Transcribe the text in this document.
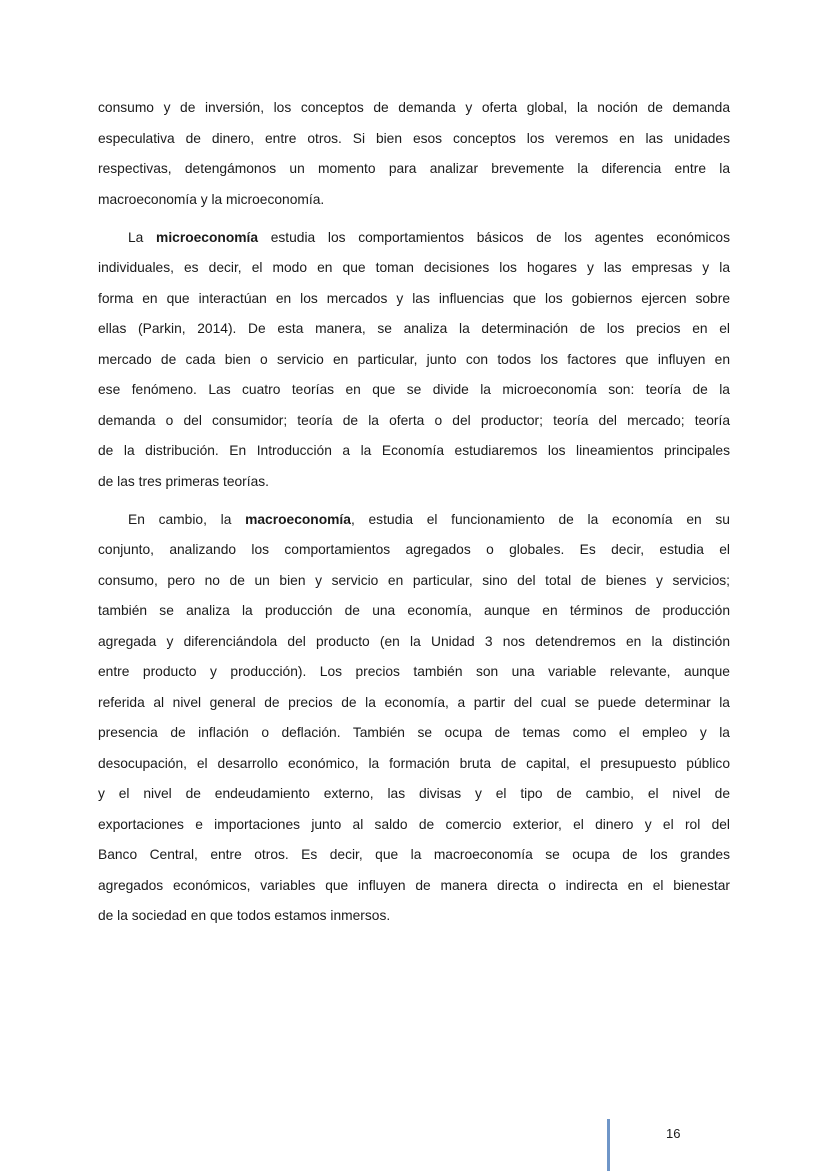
consumo y de inversión, los conceptos de demanda y oferta global, la noción de demanda
especulativa de dinero, entre otros. Si bien esos conceptos los veremos en las unidades
respectivas, detengámonos un momento para analizar brevemente la diferencia entre la
macroeconomía y la microeconomía.
La microeconomía estudia los comportamientos básicos de los agentes económicos
individuales, es decir, el modo en que toman decisiones los hogares y las empresas y la
forma en que interactúan en los mercados y las influencias que los gobiernos ejercen sobre
ellas (Parkin, 2014). De esta manera, se analiza la determinación de los precios en el
mercado de cada bien o servicio en particular, junto con todos los factores que influyen en
ese fenómeno. Las cuatro teorías en que se divide la microeconomía son: teoría de la
demanda o del consumidor; teoría de la oferta o del productor; teoría del mercado; teoría
de la distribución. En Introducción a la Economía estudiaremos los lineamientos principales
de las tres primeras teorías.
En cambio, la macroeconomía, estudia el funcionamiento de la economía en su
conjunto, analizando los comportamientos agregados o globales. Es decir, estudia el
consumo, pero no de un bien y servicio en particular, sino del total de bienes y servicios;
también se analiza la producción de una economía, aunque en términos de producción
agregada y diferenciándola del producto (en la Unidad 3 nos detendremos en la distinción
entre producto y producción). Los precios también son una variable relevante, aunque
referida al nivel general de precios de la economía, a partir del cual se puede determinar la
presencia de inflación o deflación. También se ocupa de temas como el empleo y la
desocupación, el desarrollo económico, la formación bruta de capital, el presupuesto público
y el nivel de endeudamiento externo, las divisas y el tipo de cambio, el nivel de
exportaciones e importaciones junto al saldo de comercio exterior, el dinero y el rol del
Banco Central, entre otros. Es decir, que la macroeconomía se ocupa de los grandes
agregados económicos, variables que influyen de manera directa o indirecta en el bienestar
de la sociedad en que todos estamos inmersos.
16
